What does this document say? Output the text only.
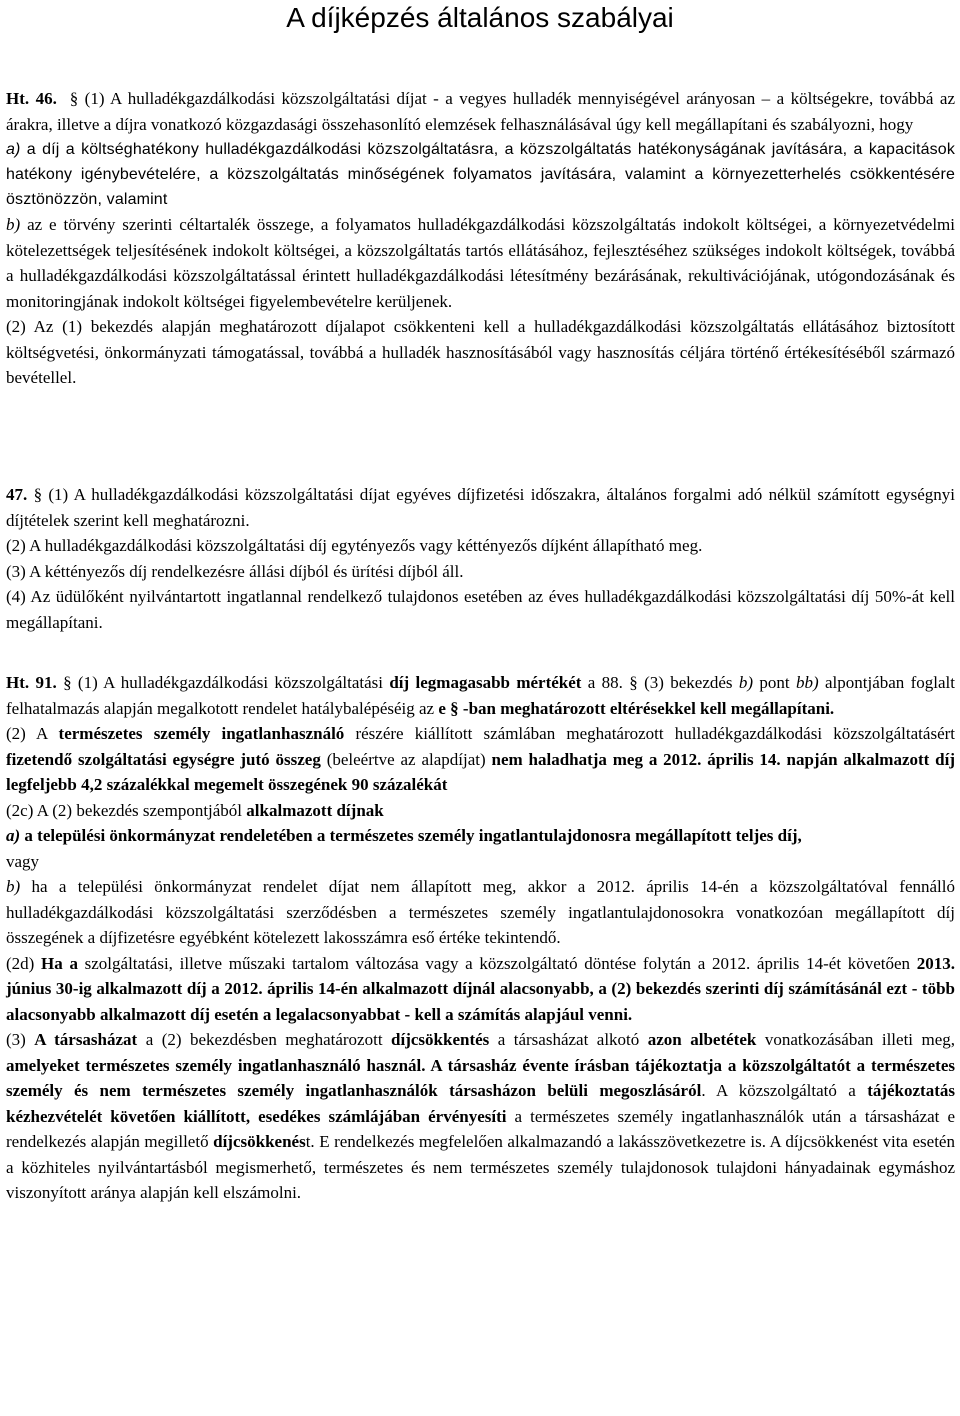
A díjképzés általános szabályai

Ht. 46. § (1) A hulladékgazdálkodási közszolgáltatási díjat - a vegyes hulladék mennyiségével arányosan – a költségekre, továbbá az árakra, illetve a díjra vonatkozó közgazdasági összehasonlító elemzések felhasználásával úgy kell megállapítani és szabályozni, hogy

a) a díj a költséghatékony hulladékgazdálkodási közszolgáltatásra, a közszolgáltatás hatékonyságának javítására, a kapacitások hatékony igénybevételére, a közszolgáltatás minőségének folyamatos javítására, valamint a környezetterhelés csökkentésére ösztönözzön, valamint

b) az e törvény szerinti céltartalék összege, a folyamatos hulladékgazdálkodási közszolgáltatás indokolt költségei, a környezetvédelmi kötelezettségek teljesítésének indokolt költségei, a közszolgáltatás tartós ellátásához, fejlesztéséhez szükséges indokolt költségek, továbbá a hulladékgazdálkodási közszolgáltatással érintett hulladékgazdálkodási létesítmény bezárásának, rekultivációjának, utógondozásának és monitoringjának indokolt költségei figyelembevételre kerüljenek.

(2) Az (1) bekezdés alapján meghatározott díjalapot csökkenteni kell a hulladékgazdálkodási közszolgáltatás ellátásához biztosított költségvetési, önkormányzati támogatással, továbbá a hulladék hasznosításából vagy hasznosítás céljára történő értékesítéséből származó bevétellel.

47. § (1) A hulladékgazdálkodási közszolgáltatási díjat egyéves díjfizetési időszakra, általános forgalmi adó nélkül számított egységnyi díjtételek szerint kell meghatározni.

(2) A hulladékgazdálkodási közszolgáltatási díj egytényezős vagy kéttényezős díjként állapítható meg.

(3) A kéttényezős díj rendelkezésre állási díjból és ürítési díjból áll.

(4) Az üdülőként nyilvántartott ingatlannal rendelkező tulajdonos esetében az éves hulladékgazdálkodási közszolgáltatási díj 50%-át kell megállapítani.

Ht. 91. § (1) A hulladékgazdálkodási közszolgáltatási díj legmagasabb mértékét a 88. § (3) bekezdés b) pont bb) alpontjában foglalt felhatalmazás alapján megalkotott rendelet hatálybalépéséig az e § -ban meghatározott eltérésekkel kell megállapítani.

(2) A természetes személy ingatlanhasználó részére kiállított számlában meghatározott hulladékgazdálkodási közszolgáltatásért fizetendő szolgáltatási egységre jutó összeg (beleértve az alapdíjat) nem haladhatja meg a 2012. április 14. napján alkalmazott díj legfeljebb 4,2 százalékkal megemelt összegének 90 százalékát

(2c) A (2) bekezdés szempontjából alkalmazott díjnak

a) a települési önkormányzat rendeletében a természetes személy ingatlantulajdonosra megállapított teljes díj,

vagy

b) ha a települési önkormányzat rendelet díjat nem állapított meg, akkor a 2012. április 14-én a közszolgáltatóval fennálló hulladékgazdálkodási közszolgáltatási szerződésben a természetes személy ingatlantulajdonosokra vonatkozóan megállapított díj összegének a díjfizetésre egyébként kötelezett lakosszámra eső értéke tekintendő.

(2d) Ha a szolgáltatási, illetve műszaki tartalom változása vagy a közszolgáltató döntése folytán a 2012. április 14-ét követően 2013. június 30-ig alkalmazott díj a 2012. április 14-én alkalmazott díjnál alacsonyabb, a (2) bekezdés szerinti díj számításánál ezt - több alacsonyabb alkalmazott díj esetén a legalacsonyabbat - kell a számítás alapjául venni.

(3) A társasházat a (2) bekezdésben meghatározott díjcsökkentés a társasházat alkotó azon albetétek vonatkozásában illeti meg, amelyeket természetes személy ingatlanhasználó használ. A társasház évente írásban tájékoztatja a közszolgáltatót a természetes személy és nem természetes személy ingatlanhasználók társasházon belüli megoszlásáról. A közszolgáltató a tájékoztatás kézhezvételét követően kiállított, esedékes számlájában érvényesíti a természetes személy ingatlanhasználók után a társasházat e rendelkezés alapján megillető díjcsökkenést. E rendelkezés megfelelően alkalmazandó a lakásszövetkezetre is. A díjcsökkenést vita esetén a közhiteles nyilvántartásból megismerhető, természetes és nem természetes személy tulajdonosok tulajdoni hányadainak egymáshoz viszonyított aránya alapján kell elszámolni.
